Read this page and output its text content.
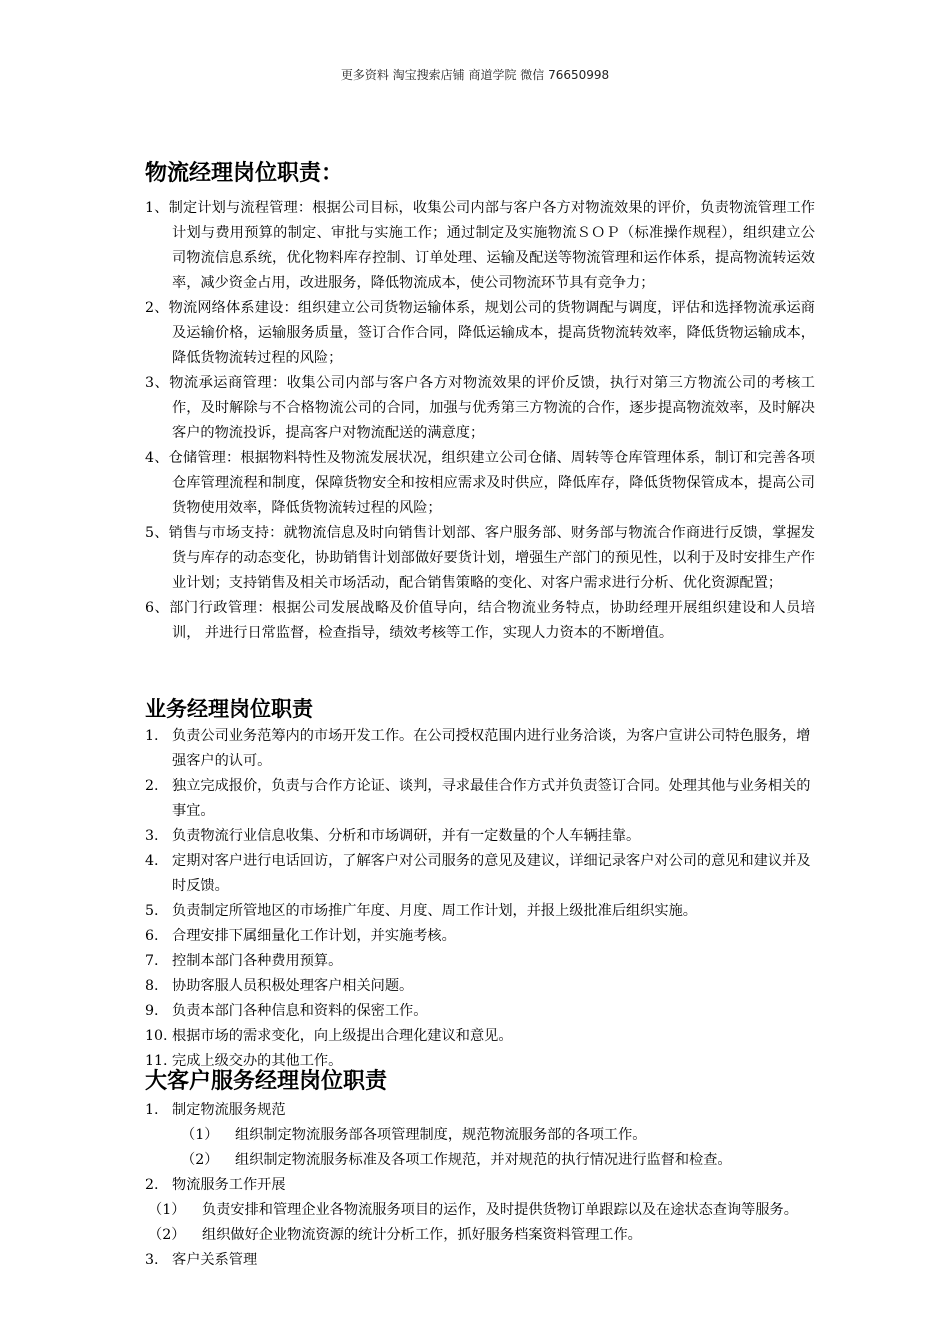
更多资料 淘宝搜索店铺 商道学院 微信 76650998
物流经理岗位职责：

1、制定计划与流程管理：根据公司目标，收集公司内部与客户各方对物流效果的评价，负责物流管理工作计划与费用预算的制定、审批与实施工作；通过制定及实施物流ＳＯＰ（标准操作规程），组织建立公司物流信息系统，优化物料库存控制、订单处理、运输及配送等物流管理和运作体系，提高物流转运效率，减少资金占用，改进服务，降低物流成本，使公司物流环节具有竞争力；

2、物流网络体系建设：组织建立公司货物运输体系，规划公司的货物调配与调度，评估和选择物流承运商及运输价格，运输服务质量，签订合作合同，降低运输成本，提高货物流转效率，降低货物运输成本，降低货物流转过程的风险；

3、物流承运商管理：收集公司内部与客户各方对物流效果的评价反馈，执行对第三方物流公司的考核工作，及时解除与不合格物流公司的合同，加强与优秀第三方物流的合作，逐步提高物流效率，及时解决客户的物流投诉，提高客户对物流配送的满意度；

4、仓储管理：根据物料特性及物流发展状况，组织建立公司仓储、周转等仓库管理体系，制订和完善各项仓库管理流程和制度，保障货物安全和按相应需求及时供应，降低库存，降低货物保管成本，提高公司货物使用效率，降低货物流转过程的风险；

5、销售与市场支持：就物流信息及时向销售计划部、客户服务部、财务部与物流合作商进行反馈，掌握发货与库存的动态变化，协助销售计划部做好要货计划，增强生产部门的预见性，以利于及时安排生产作业计划；支持销售及相关市场活动，配合销售策略的变化、对客户需求进行分析、优化资源配置；

6、部门行政管理：根据公司发展战略及价值导向，结合物流业务特点，协助经理开展组织建设和人员培训， 并进行日常监督，检查指导，绩效考核等工作，实现人力资本的不断增值。

业务经理岗位职责

1. 负责公司业务范筹内的市场开发工作。在公司授权范围内进行业务洽谈，为客户宣讲公司特色服务，增强客户的认可。

2. 独立完成报价，负责与合作方论证、谈判，寻求最佳合作方式并负责签订合同。处理其他与业务相关的事宜。

3. 负责物流行业信息收集、分析和市场调研，并有一定数量的个人车辆挂靠。

4. 定期对客户进行电话回访，了解客户对公司服务的意见及建议，详细记录客户对公司的意见和建议并及时反馈。

5. 负责制定所管地区的市场推广年度、月度、周工作计划，并报上级批准后组织实施。

6. 合理安排下属细量化工作计划，并实施考核。

7. 控制本部门各种费用预算。

8. 协助客服人员积极处理客户相关问题。

9. 负责本部门各种信息和资料的保密工作。

10. 根据市场的需求变化，向上级提出合理化建议和意见。

11. 完成上级交办的其他工作。

大客户服务经理岗位职责

1. 制定物流服务规范

（1） 组织制定物流服务部各项管理制度，规范物流服务部的各项工作。

（2） 组织制定物流服务标准及各项工作规范，并对规范的执行情况进行监督和检查。

2. 物流服务工作开展

（1） 负责安排和管理企业各物流服务项目的运作，及时提供货物订单跟踪以及在途状态查询等服务。

（2） 组织做好企业物流资源的统计分析工作，抓好服务档案资料管理工作。

3. 客户关系管理
